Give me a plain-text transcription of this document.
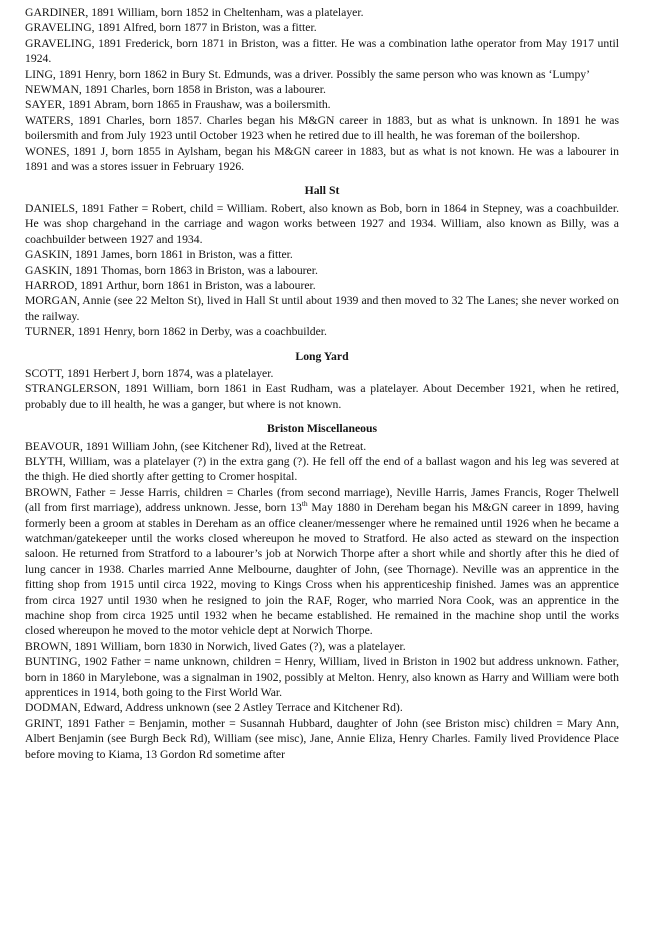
GARDINER, 1891 William, born 1852 in Cheltenham, was a platelayer.

GRAVELING, 1891 Alfred, born 1877 in Briston, was a fitter.

GRAVELING, 1891 Frederick, born 1871 in Briston, was a fitter. He was a combination lathe operator from May 1917 until 1924.

LING, 1891 Henry, born 1862 in Bury St. Edmunds, was a driver. Possibly the same person who was known as ‘Lumpy’

NEWMAN, 1891 Charles, born 1858 in Briston, was a labourer.

SAYER, 1891 Abram, born 1865 in Fraushaw, was a boilersmith.

WATERS, 1891 Charles, born 1857. Charles began his M&GN career in 1883, but as what is unknown. In 1891 he was boilersmith and from July 1923 until October 1923 when he retired due to ill health, he was foreman of the boilershop.

WONES, 1891 J, born 1855 in Aylsham, began his M&GN career in 1883, but as what is not known. He was a labourer in 1891 and was a stores issuer in February 1926.

Hall St

DANIELS, 1891 Father = Robert, child = William. Robert, also known as Bob, born in 1864 in Stepney, was a coachbuilder. He was shop chargehand in the carriage and wagon works between 1927 and 1934. William, also known as Billy, was a coachbuilder between 1927 and 1934.

GASKIN, 1891 James, born 1861 in Briston, was a fitter.

GASKIN, 1891 Thomas, born 1863 in Briston, was a labourer.

HARROD, 1891 Arthur, born 1861 in Briston, was a labourer.

MORGAN, Annie (see 22 Melton St), lived in Hall St until about 1939 and then moved to 32 The Lanes; she never worked on the railway.

TURNER, 1891 Henry, born 1862 in Derby, was a coachbuilder.

Long Yard

SCOTT, 1891 Herbert J, born 1874, was a platelayer.

STRANGLERSON, 1891 William, born 1861 in East Rudham, was a platelayer. About December 1921, when he retired, probably due to ill health, he was a ganger, but where is not known.

Briston Miscellaneous

BEAVOUR, 1891 William John, (see Kitchener Rd), lived at the Retreat.

BLYTH, William, was a platelayer (?) in the extra gang (?). He fell off the end of a ballast wagon and his leg was severed at the thigh. He died shortly after getting to Cromer hospital.

BROWN, Father = Jesse Harris, children = Charles (from second marriage), Neville Harris, James Francis, Roger Thelwell (all from first marriage), address unknown. Jesse, born 13th May 1880 in Dereham began his M&GN career in 1899, having formerly been a groom at stables in Dereham as an office cleaner/messenger where he remained until 1926 when he became a watchman/gatekeeper until the works closed whereupon he moved to Stratford. He also acted as steward on the inspection saloon. He returned from Stratford to a labourer’s job at Norwich Thorpe after a short while and shortly after this he died of lung cancer in 1938. Charles married Anne Melbourne, daughter of John, (see Thornage). Neville was an apprentice in the fitting shop from 1915 until circa 1922, moving to Kings Cross when his apprenticeship finished. James was an apprentice from circa 1927 until 1930 when he resigned to join the RAF, Roger, who married Nora Cook, was an apprentice in the machine shop from circa 1925 until 1932 when he became established. He remained in the machine shop until the works closed whereupon he moved to the motor vehicle dept at Norwich Thorpe.

BROWN, 1891 William, born 1830 in Norwich, lived Gates (?), was a platelayer.

BUNTING, 1902 Father = name unknown, children = Henry, William, lived in Briston in 1902 but address unknown. Father, born in 1860 in Marylebone, was a signalman in 1902, possibly at Melton. Henry, also known as Harry and William were both apprentices in 1914, both going to the First World War.

DODMAN, Edward, Address unknown (see 2 Astley Terrace and Kitchener Rd).

GRINT, 1891 Father = Benjamin, mother = Susannah Hubbard, daughter of John (see Briston misc) children = Mary Ann, Albert Benjamin (see Burgh Beck Rd), William (see misc), Jane, Annie Eliza, Henry Charles. Family lived Providence Place before moving to Kiama, 13 Gordon Rd sometime after
